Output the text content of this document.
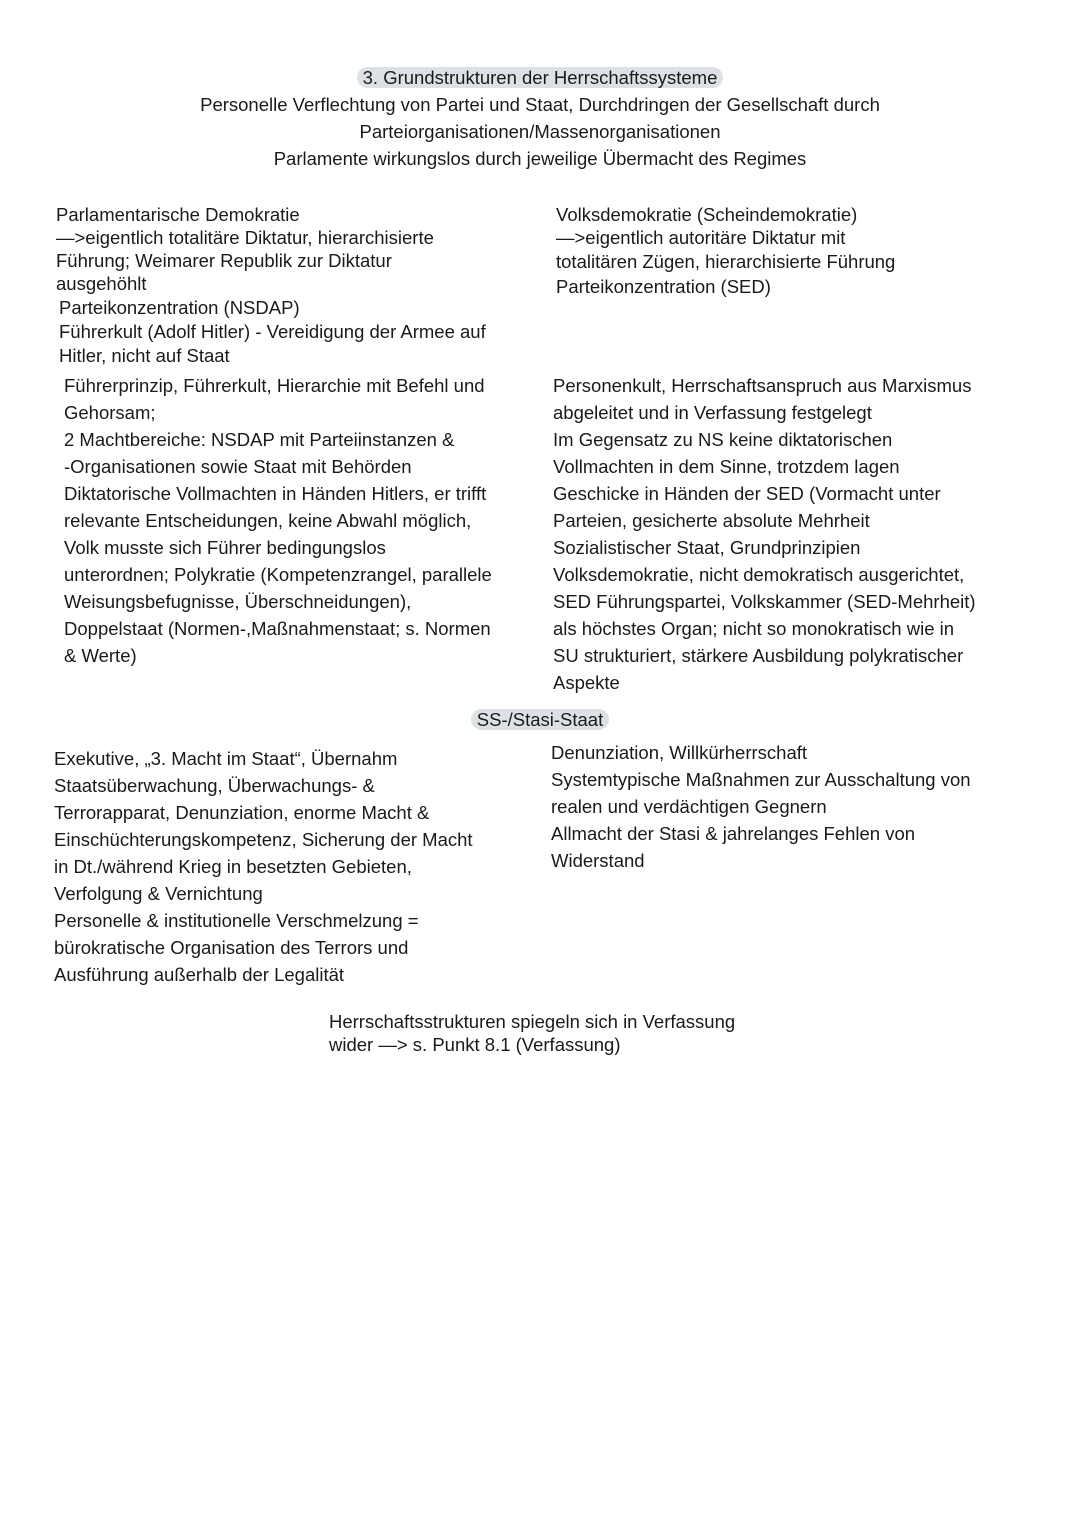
3. Grundstrukturen der Herrschaftssysteme
Personelle Verflechtung von Partei und Staat, Durchdringen der Gesellschaft durch
Parteiorganisationen/Massenorganisationen
Parlamente wirkungslos durch jeweilige Übermacht des Regimes
Parlamentarische Demokratie
—>eigentlich totalitäre Diktatur, hierarchisierte
Führung; Weimarer Republik zur Diktatur
ausgehöhlt
Parteikonzentration (NSDAP)
Führerkult (Adolf Hitler) - Vereidigung der Armee auf
Hitler, nicht auf Staat
Volksdemokratie (Scheindemokratie)
—>eigentlich autoritäre Diktatur mit
totalitären Zügen, hierarchisierte Führung
Parteikonzentration (SED)
Führerprinzip, Führerkult, Hierarchie mit Befehl und
Gehorsam;
2 Machtbereiche: NSDAP mit Parteiinstanzen &
-Organisationen sowie Staat mit Behörden
Diktatorische Vollmachten in Händen Hitlers, er trifft
relevante Entscheidungen, keine Abwahl möglich,
Volk musste sich Führer bedingungslos
unterordnen; Polykratie (Kompetenzrangel, parallele
Weisungsbefugnisse, Überschneidungen),
Doppelstaat (Normen-,Maßnahmenstaat; s. Normen
& Werte)
Personenkult, Herrschaftsanspruch aus Marxismus
abgeleitet und in Verfassung festgelegt
Im Gegensatz zu NS keine diktatorischen
Vollmachten in dem Sinne, trotzdem lagen
Geschicke in Händen der SED (Vormacht unter
Parteien, gesicherte absolute Mehrheit
Sozialistischer Staat, Grundprinzipien
Volksdemokratie, nicht demokratisch ausgerichtet,
SED Führungspartei, Volkskammer (SED-Mehrheit)
als höchstes Organ; nicht so monokratisch wie in
SU strukturiert, stärkere Ausbildung polykratischer
Aspekte
SS-/Stasi-Staat
Exekutive, „3. Macht im Staat“, Übernahm
Staatsüberwachung, Überwachungs- &
Terrorapparat, Denunziation, enorme Macht &
Einschüchterungskompetenz, Sicherung der Macht
in Dt./während Krieg in besetzten Gebieten,
Verfolgung & Vernichtung
Personelle & institutionelle Verschmelzung =
bürokratische Organisation des Terrors und
Ausführung außerhalb der Legalität
Denunziation, Willkürherrschaft
Systemtypische Maßnahmen zur Ausschaltung von
realen und verdächtigen Gegnern
Allmacht der Stasi & jahrelanges Fehlen von
Widerstand
Herrschaftsstrukturen spiegeln sich in Verfassung
wider —> s. Punkt 8.1 (Verfassung)
